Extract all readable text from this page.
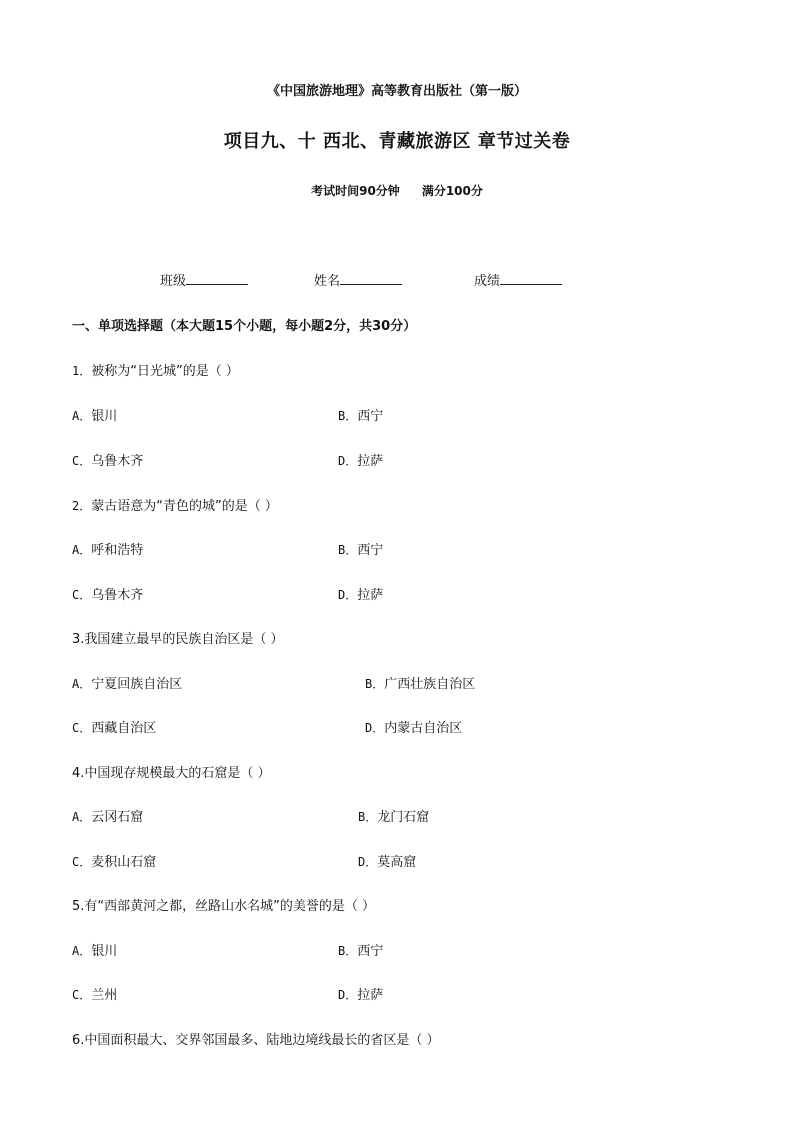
《中国旅游地理》高等教育出版社（第一版）
项目九、十 西北、青藏旅游区 章节过关卷
考试时间90分钟 满分100分
班级	姓名	成绩
一、单项选择题（本大题15个小题，每小题2分，共30分）
1．被称为“日光城”的是（ ）
A．银川	B．西宁
C．乌鲁木齐	D．拉萨
2．蒙古语意为“青色的城”的是（ ）
A．呼和浩特	B．西宁
C．乌鲁木齐	D．拉萨
3.我国建立最早的民族自治区是（ ）
A．宁夏回族自治区	B．广西壮族自治区
C．西藏自治区	D．内蒙古自治区
4.中国现存规模最大的石窟是（ ）
A．云冈石窟	B．龙门石窟
C．麦积山石窟	D．莫高窟
5.有“西部黄河之都，丝路山水名城”的美誉的是（ ）
A．银川	B．西宁
C．兰州	D．拉萨
6.中国面积最大、交界邻国最多、陆地边境线最长的省区是（ ）
